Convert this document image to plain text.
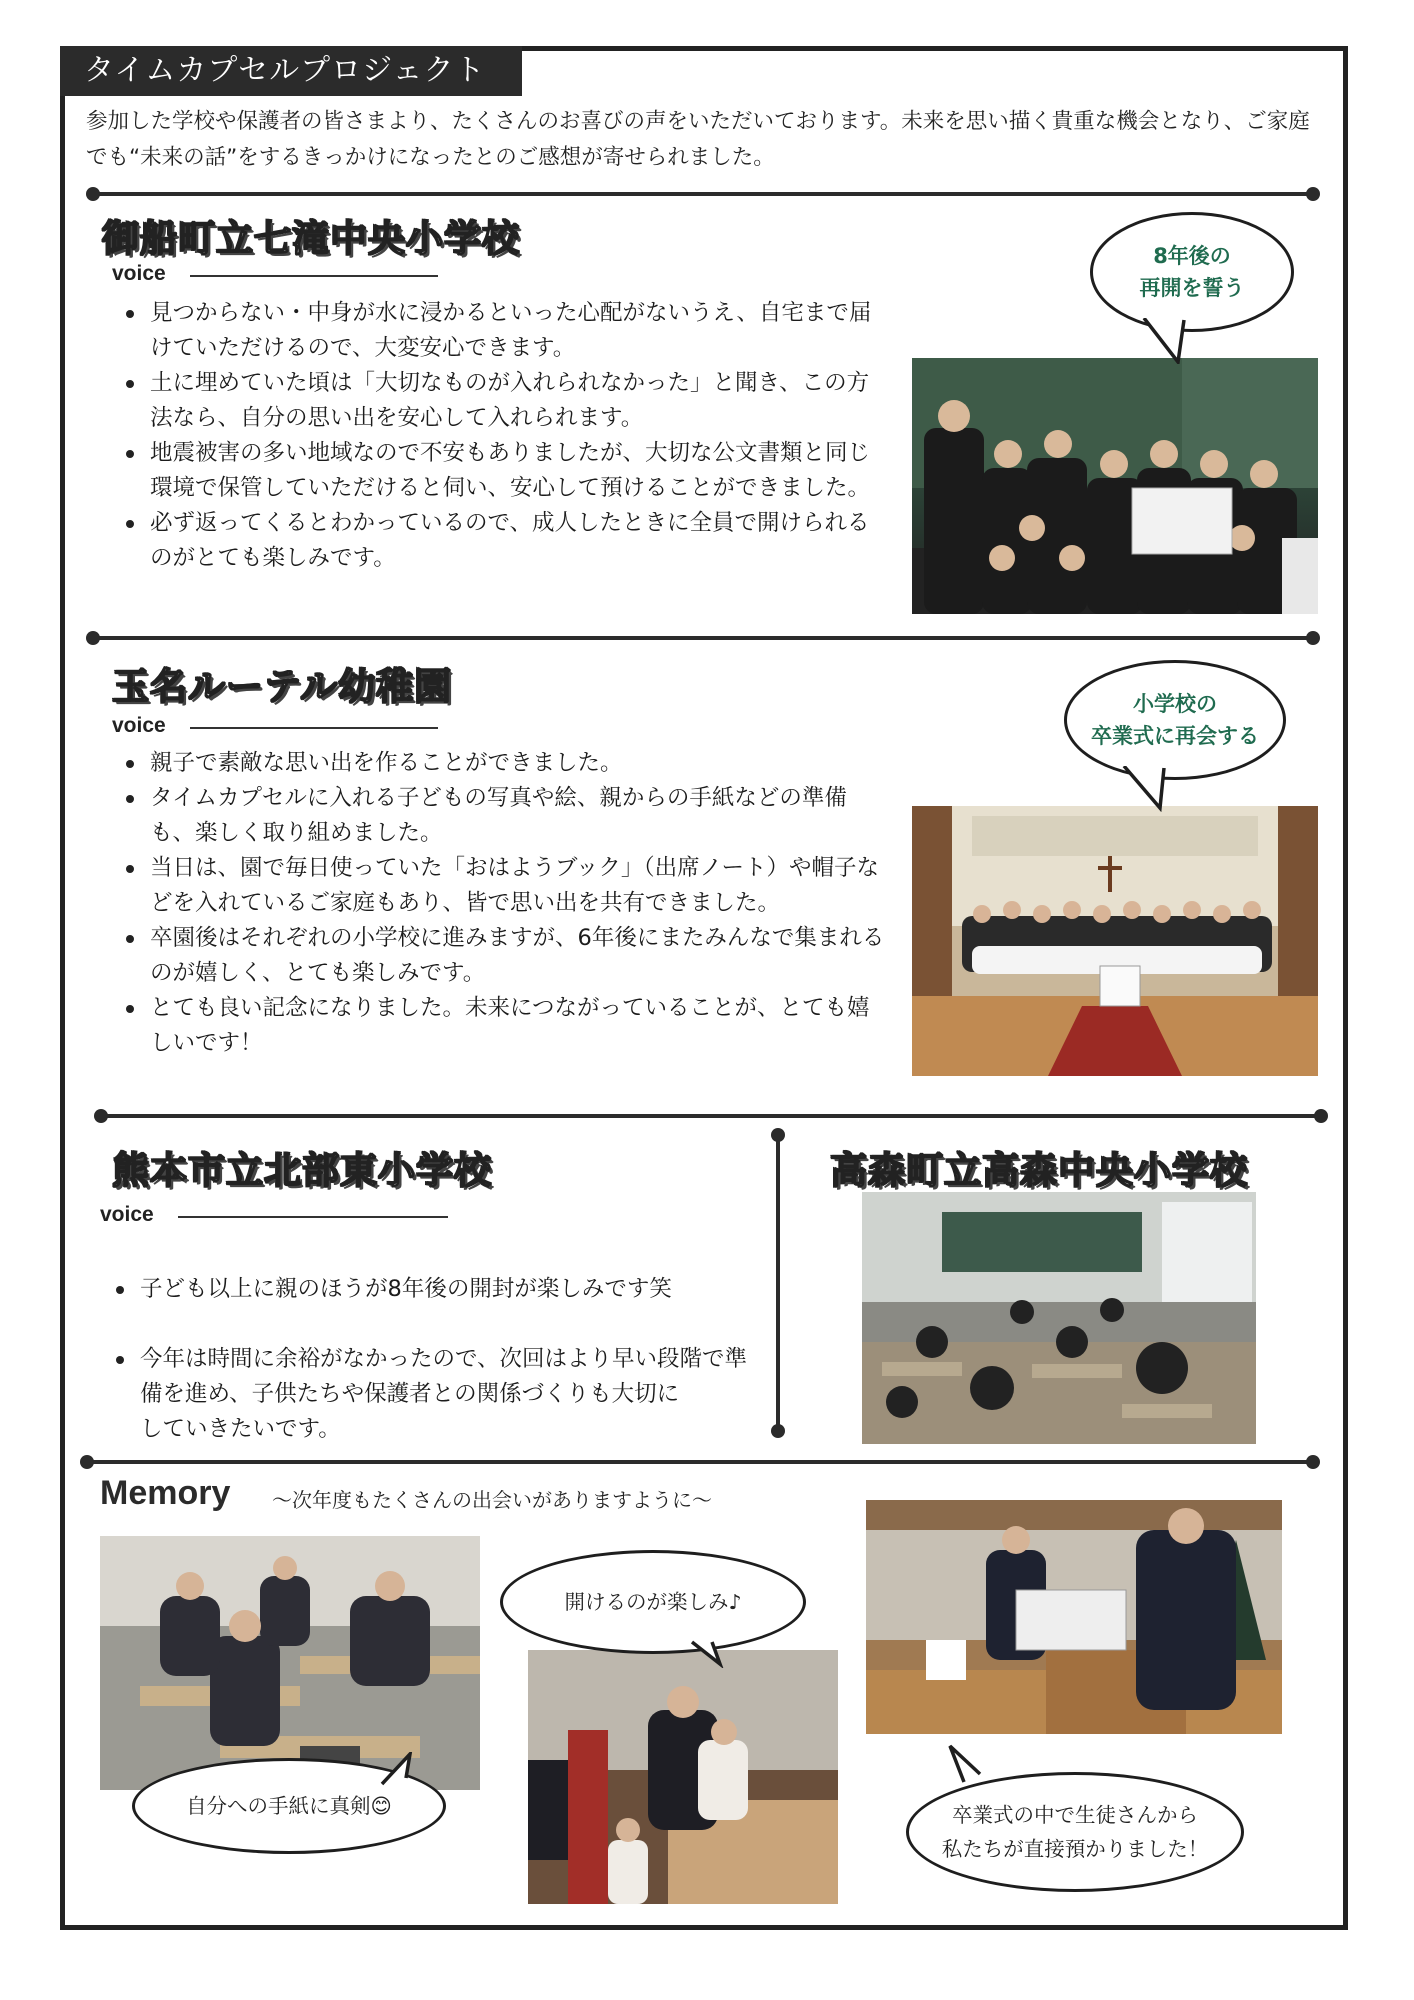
タイムカプセルプロジェクト
参加した学校や保護者の皆さまより、たくさんのお喜びの声をいただいております。未来を思い描く貴重な機会となり、ご家庭でも“未来の話”をするきっかけになったとのご感想が寄せられました。
御船町立七滝中央小学校
voice
見つからない・中身が水に浸かるといった心配がないうえ、自宅まで届けていただけるので、大変安心できます。
土に埋めていた頃は「大切なものが入れられなかった」と聞き、この方法なら、自分の思い出を安心して入れられます。
地震被害の多い地域なので不安もありましたが、大切な公文書類と同じ環境で保管していただけると伺い、安心して預けることができました。
必ず返ってくるとわかっているので、成人したときに全員で開けられるのがとても楽しみです。
8年後の
再開を誓う
玉名ルーテル幼稚園
voice
親子で素敵な思い出を作ることができました。
タイムカプセルに入れる子どもの写真や絵、親からの手紙などの準備も、楽しく取り組めました。
当日は、園で毎日使っていた「おはようブック」（出席ノート）や帽子などを入れているご家庭もあり、皆で思い出を共有できました。
卒園後はそれぞれの小学校に進みますが、6年後にまたみんなで集まれるのが嬉しく、とても楽しみです。
とても良い記念になりました。未来につながっていることが、とても嬉しいです！
小学校の
卒業式に再会する
熊本市立北部東小学校
voice

子ども以上に親のほうが8年後の開封が楽しみです笑

今年は時間に余裕がなかったので、次回はより早い段階で準備を進め、子供たちや保護者との関係づくりも大切に
していきたいです。

高森町立高森中央小学校
Memory ～次年度もたくさんの出会いがありますように～
自分への手紙に真剣😊
開けるのが楽しみ♪
卒業式の中で生徒さんから
私たちが直接預かりました！
